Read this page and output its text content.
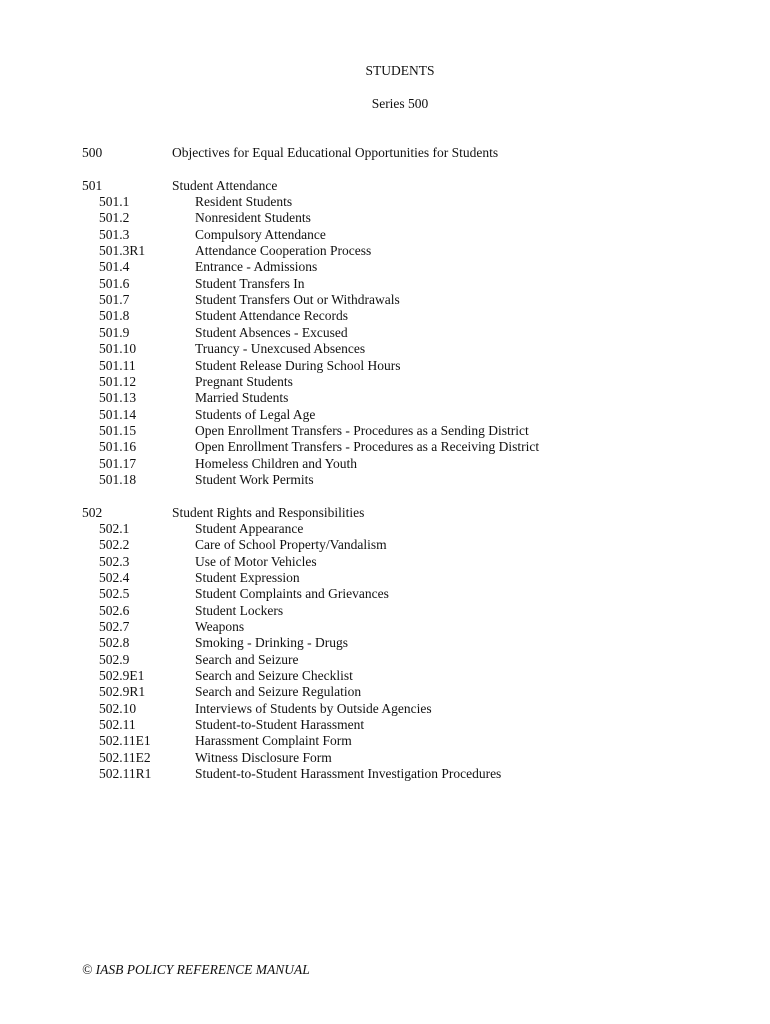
STUDENTS
Series 500
500	Objectives for Equal Educational Opportunities for Students
501	Student Attendance
501.1	Resident Students
501.2	Nonresident Students
501.3	Compulsory Attendance
501.3R1	Attendance Cooperation Process
501.4	Entrance - Admissions
501.6	Student Transfers In
501.7	Student Transfers Out or Withdrawals
501.8	Student Attendance Records
501.9	Student Absences - Excused
501.10	Truancy - Unexcused Absences
501.11	Student Release During School Hours
501.12	Pregnant Students
501.13	Married Students
501.14	Students of Legal Age
501.15	Open Enrollment Transfers - Procedures as a Sending District
501.16	Open Enrollment Transfers - Procedures as a Receiving District
501.17	Homeless Children and Youth
501.18	Student Work Permits
502	Student Rights and Responsibilities
502.1	Student Appearance
502.2	Care of School Property/Vandalism
502.3	Use of Motor Vehicles
502.4	Student Expression
502.5	Student Complaints and Grievances
502.6	Student Lockers
502.7	Weapons
502.8	Smoking - Drinking - Drugs
502.9	Search and Seizure
502.9E1	Search and Seizure Checklist
502.9R1	Search and Seizure Regulation
502.10	Interviews of Students by Outside Agencies
502.11	Student-to-Student Harassment
502.11E1	Harassment Complaint Form
502.11E2	Witness Disclosure Form
502.11R1	Student-to-Student Harassment Investigation Procedures
© IASB POLICY REFERENCE MANUAL
